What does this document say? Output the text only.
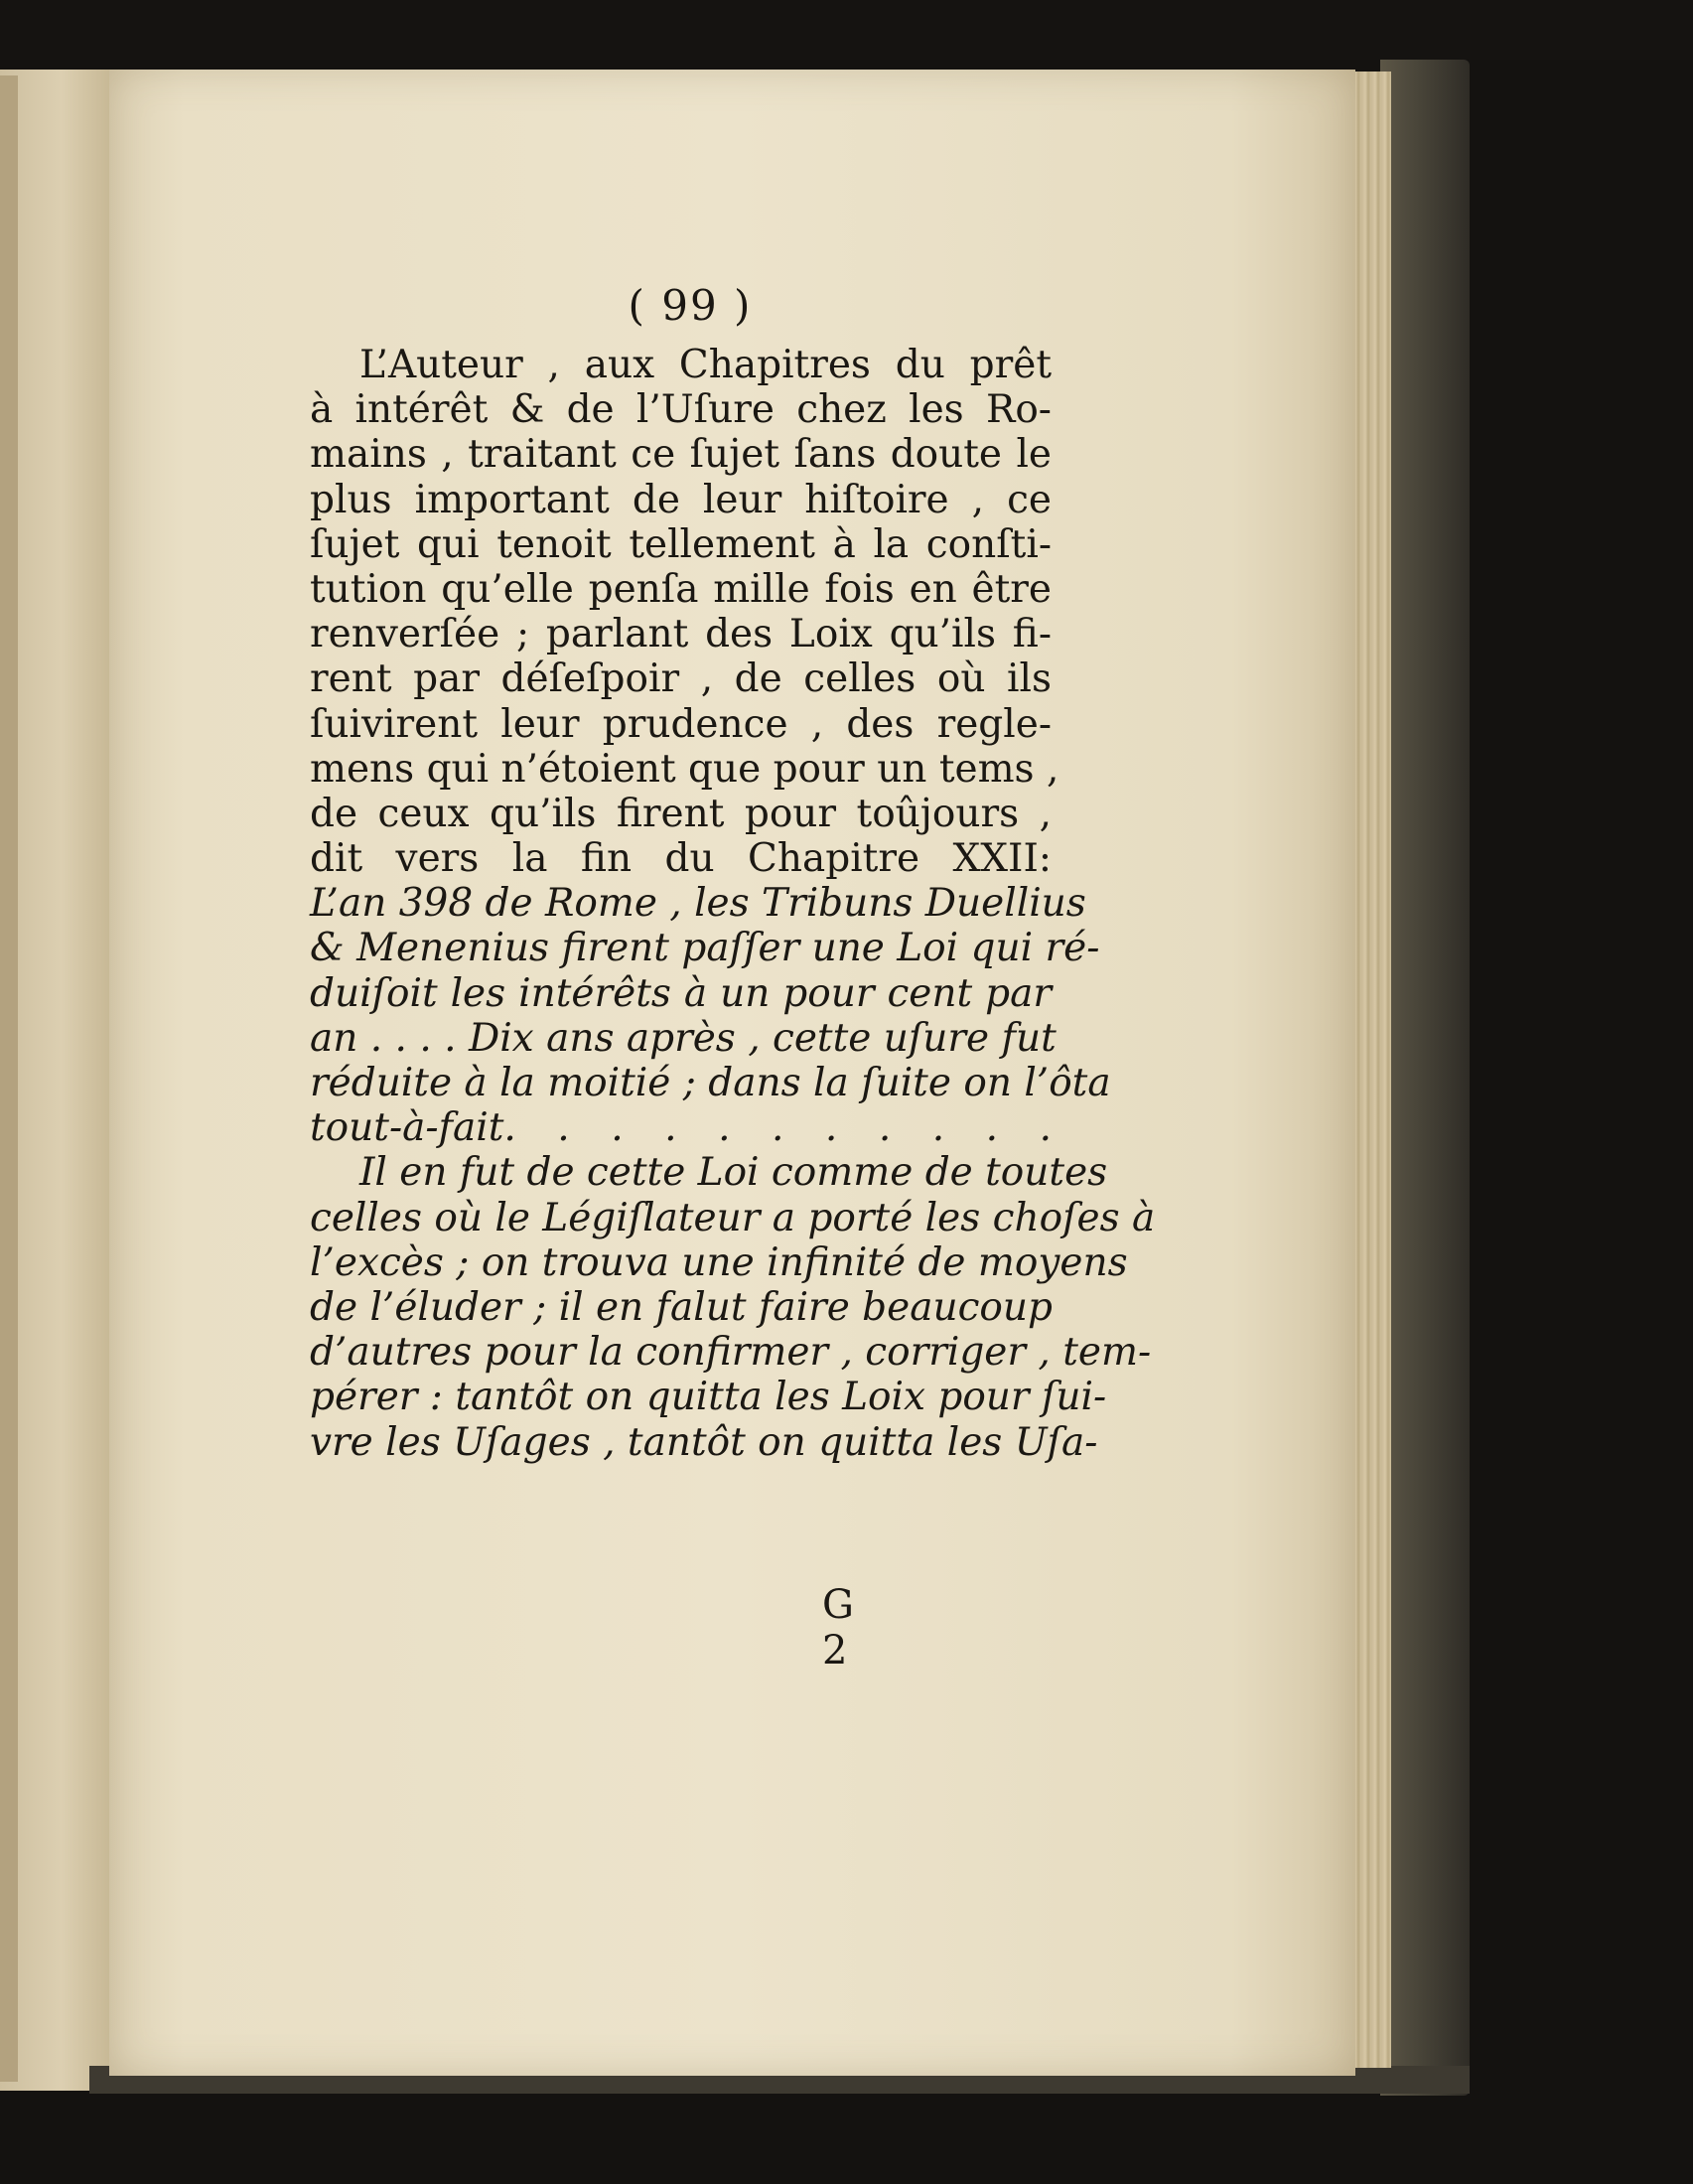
( 99 )
L’Auteur , aux Chapitres du prêt
à intérêt & de l’Uſure chez les Ro-
mains , traitant ce ſujet ſans doute le
plus important de leur hiſtoire , ce
ſujet qui tenoit tellement à la conſti-
tution qu’elle penſa mille fois en être
renverſée ; parlant des Loix qu’ils fi-
rent par déſeſpoir , de celles où ils
ſuivirent leur prudence , des regle-
mens qui n’étoient que pour un tems ,
de ceux qu’ils firent pour toûjours ,
dit vers la fin du Chapitre XXII:
L’an 398 de Rome , les Tribuns Duellius
& Menenius firent paſſer une Loi qui ré-
duiſoit les intérêts à un pour cent par
an . . . . Dix ans après , cette uſure fut
réduite à la moitié ; dans la ſuite on l’ôta
tout-à-fait. . . . . . . . . . .
Il en fut de cette Loi comme de toutes
celles où le Légiſlateur a porté les choſes à
l’excès ; on trouva une infinité de moyens
de l’éluder ; il en falut faire beaucoup
d’autres pour la confirmer , corriger , tem-
pérer : tantôt on quitta les Loix pour ſui-
vre les Uſages , tantôt on quitta les Uſa-
G 2
